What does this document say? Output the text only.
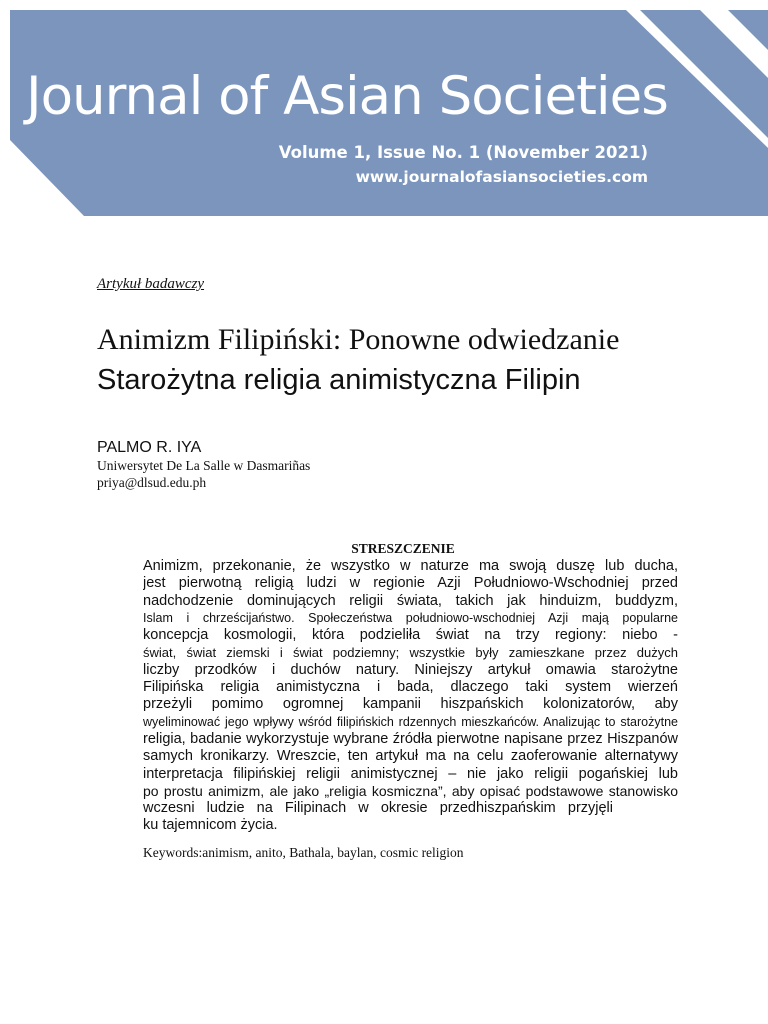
Journal of Asian Societies
Volume 1, Issue No. 1 (November 2021)
www.journalofasiansocieties.com
Artykuł badawczy
Animizm Filipiński: Ponowne odwiedzanie
Starożytna religia animistyczna Filipin
PALMO R. IYA
Uniwersytet De La Salle w Dasmariñas
priya@dlsud.edu.ph
STRESZCZENIE
Animizm, przekonanie, że wszystko w naturze ma swoją duszę lub ducha,
jest pierwotną religią ludzi w regionie Azji Południowo-Wschodniej przed
nadchodzenie dominujących religii świata, takich jak hinduizm, buddyzm,
Islam i chrześcijaństwo. Społeczeństwa południowo-wschodniej Azji mają popularne
koncepcja kosmologii, która podzieliła świat na trzy regiony: niebo -
świat, świat ziemski i świat podziemny; wszystkie były zamieszkane przez dużych
liczby przodków i duchów natury. Niniejszy artykuł omawia starożytne
Filipińska religia animistyczna i bada, dlaczego taki system wierzeń
przeżyli pomimo ogromnej kampanii hiszpańskich kolonizatorów, aby
wyeliminować jego wpływy wśród filipińskich rdzennych mieszkańców. Analizując to starożytne
religia, badanie wykorzystuje wybrane źródła pierwotne napisane przez Hiszpanów
samych kronikarzy. Wreszcie, ten artykuł ma na celu zaoferowanie alternatywy
interpretacja filipińskiej religii animistycznej – nie jako religii pogańskiej lub
po prostu animizm, ale jako „religia kosmiczna”, aby opisać podstawowe stanowisko
wczesni ludzie na Filipinach w okresie przedhiszpańskim przyjęli
ku tajemnicom życia.
Keywords:animism, anito, Bathala, baylan, cosmic religion
